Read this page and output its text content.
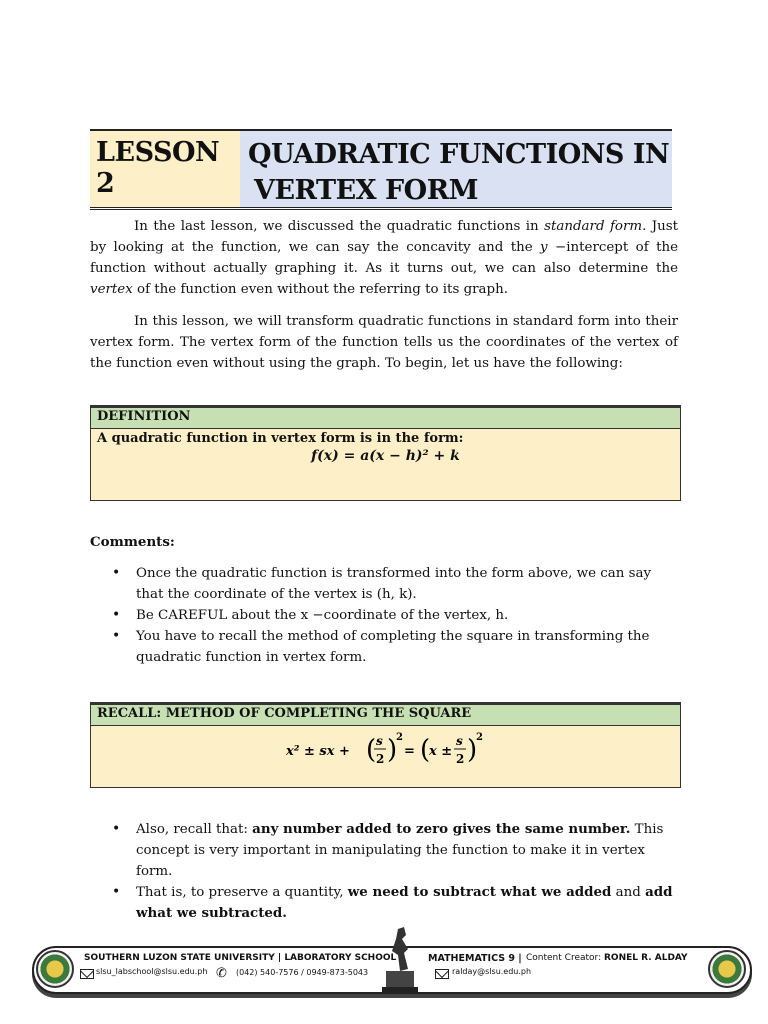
LESSON 2
QUADRATIC FUNCTIONS IN
VERTEX FORM

In the last lesson, we discussed the quadratic functions in standard form. Just by looking at the function, we can say the concavity and the y −intercept of the function without actually graphing it. As it turns out, we can also determine the vertex of the function even without the referring to its graph.

In this lesson, we will transform quadratic functions in standard form into their vertex form. The vertex form of the function tells us the coordinates of the vertex of the function even without using the graph. To begin, let us have the following:

DEFINITION
A quadratic function in vertex form is in the form:
f(x) = a(x − h)² + k
Comments:
• Once the quadratic function is transformed into the form above, we can say that the coordinate of the vertex is (h, k).
• Be CAREFUL about the x −coordinate of the vertex, h.
• You have to recall the method of completing the square in transforming the quadratic function in vertex form.
RECALL: METHOD OF COMPLETING THE SQUARE
x² ± sx + ( s
2 )
2
= (
x ±
s
2 )
2
• Also, recall that: any number added to zero gives the same number. This concept is very important in manipulating the function to make it in vertex form.
• That is, to preserve a quantity, we need to subtract what we added and add what we subtracted.
SOUTHERN LUZON STATE UNIVERSITY | LABORATORY SCHOOL
slsu_labschool@slsu.edu.ph ✆ (042) 540-7576 / 0949-873-5043
MATHEMATICS 9 | Content Creator: RONEL R. ALDAY
ralday@slsu.edu.ph
